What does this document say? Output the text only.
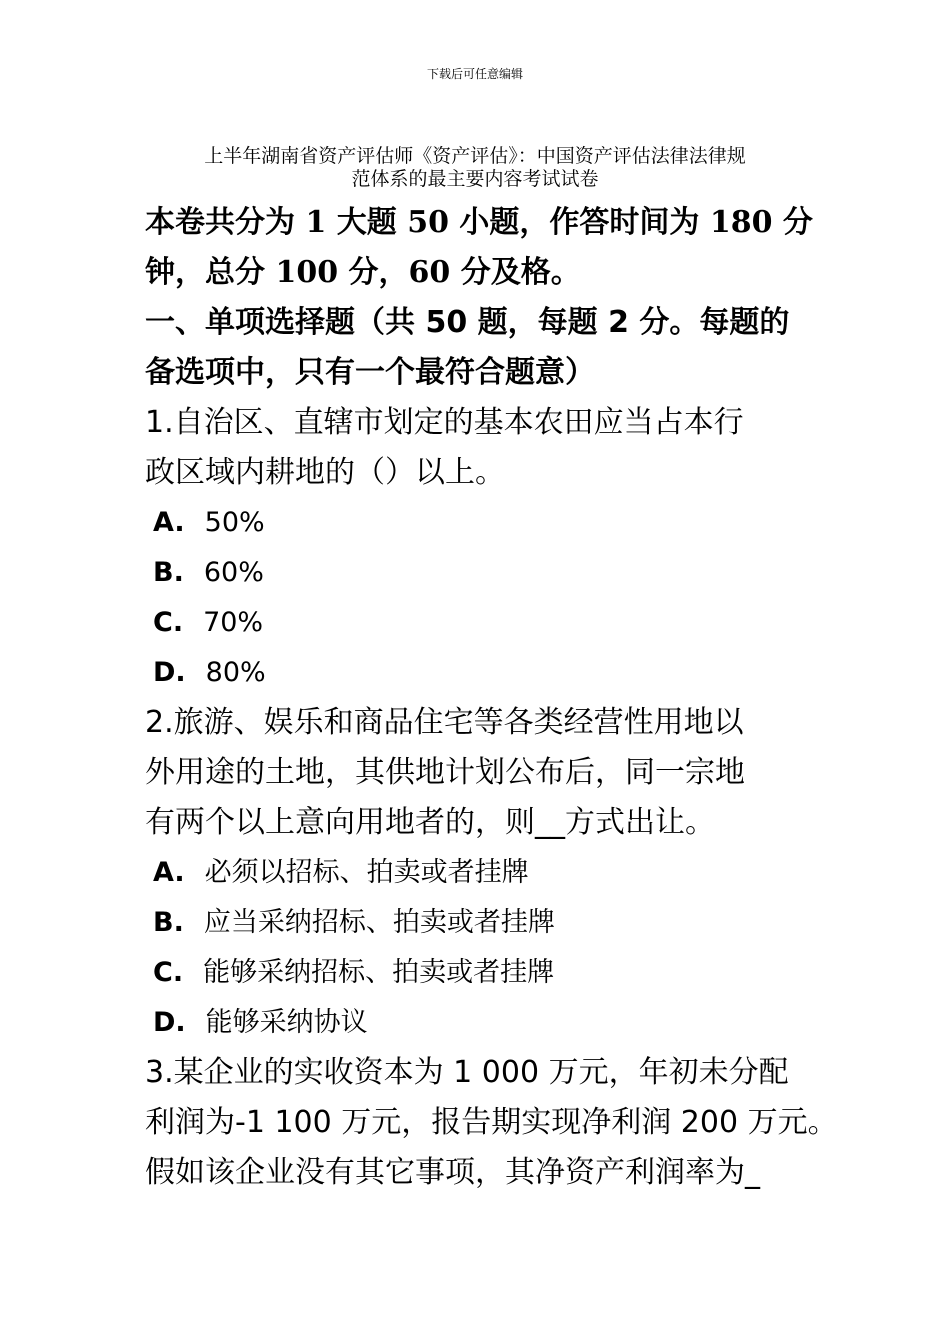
下载后可任意编辑
上半年湖南省资产评估师《资产评估》：中国资产评估法律法律规
范体系的最主要内容考试试卷
本卷共分为 1 大题 50 小题，作答时间为 180 分
钟，总分 100 分，60 分及格。
一、单项选择题（共 50 题，每题 2 分。每题的
备选项中，只有一个最符合题意）
1.自治区、直辖市划定的基本农田应当占本行
政区域内耕地的（）以上。
A. 50%
B. 60%
C. 70%
D. 80%
2.旅游、娱乐和商品住宅等各类经营性用地以
外用途的土地，其供地计划公布后，同一宗地
有两个以上意向用地者的，则__方式出让。
A. 必须以招标、拍卖或者挂牌
B. 应当采纳招标、拍卖或者挂牌
C. 能够采纳招标、拍卖或者挂牌
D. 能够采纳协议
3.某企业的实收资本为 1 000 万元，年初未分配
利润为-1 100 万元，报告期实现净利润 200 万元。
假如该企业没有其它事项，其净资产利润率为_
